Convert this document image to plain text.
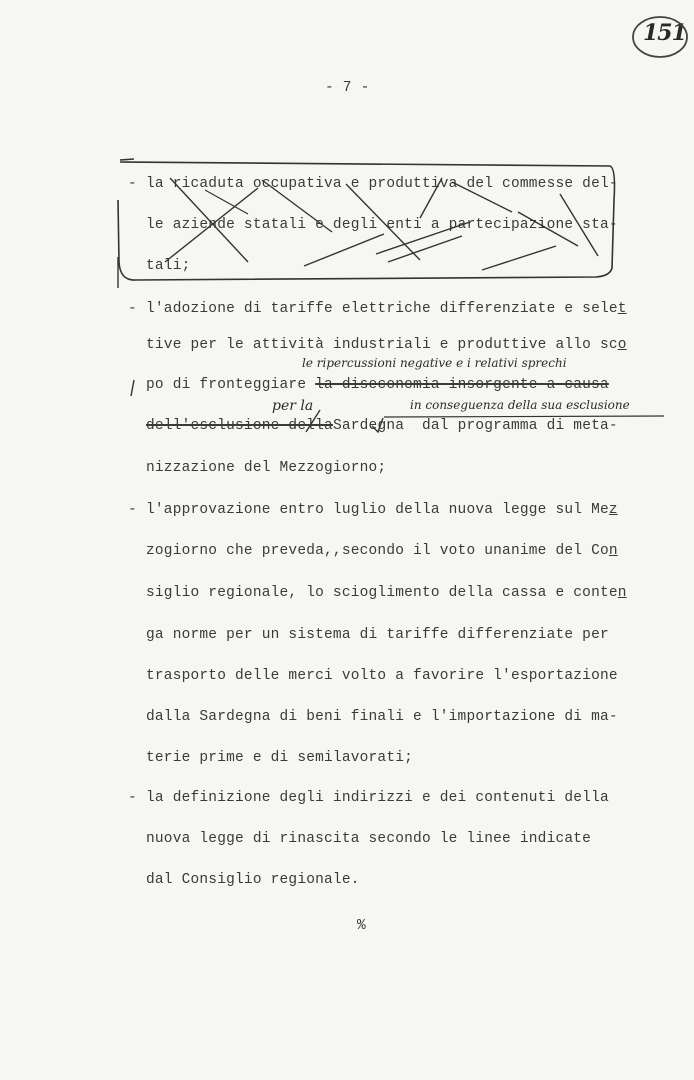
151
- 7 -
- la ricaduta occupativa e produttiva del commesse del-
le aziende statali e degli enti a partecipazione sta-
tali;
- l'adozione di tariffe elettriche differenziate e selet
tive per le attività industriali e produttive allo sco
le ripercussioni negative e i relativi sprechi
po di fronteggiare la diseconomia insorgente a causa
per la	in conseguenza della sua esclusione
dell'esclusione dellaSardegna dal programma di meta-
nizzazione del Mezzogiorno;
- l'approvazione entro luglio della nuova legge sul Mez
zogiorno che preveda,,secondo il voto unanime del Con
siglio regionale, lo scioglimento della cassa e conten
ga norme per un sistema di tariffe differenziate per
trasporto delle merci volto a favorire l'esportazione
dalla Sardegna di beni finali e l'importazione di ma-
terie prime e di semilavorati;
- la definizione degli indirizzi e dei contenuti della
nuova legge di rinascita secondo le linee indicate
dal Consiglio regionale.
%
